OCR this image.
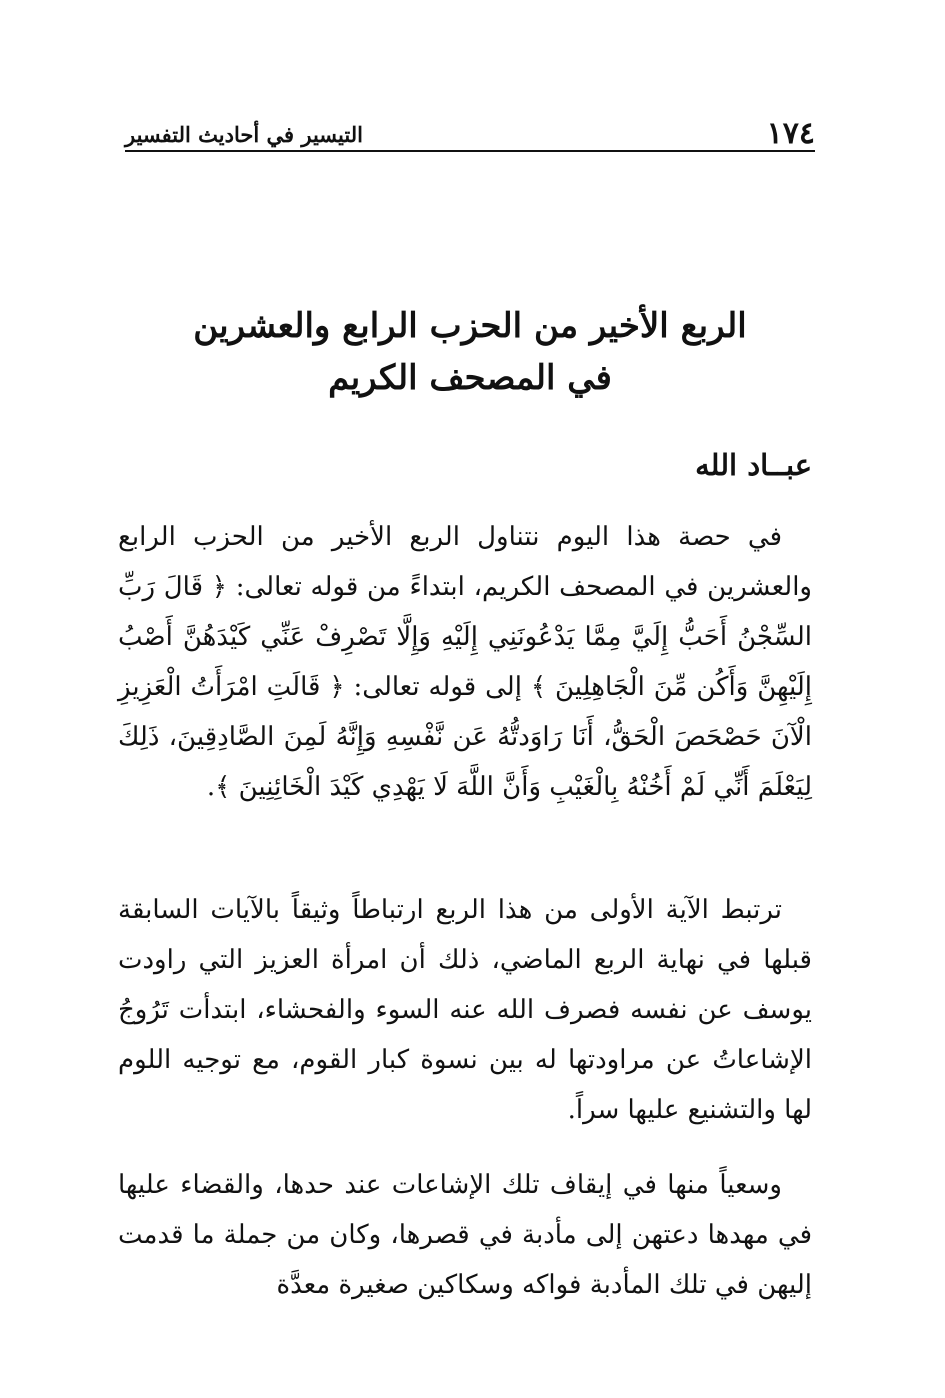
١٧٤
التيسير في أحاديث التفسير
الربع الأخير من الحزب الرابع والعشرين
في المصحف الكريم
عبــاد الله

في حصة هذا اليوم نتناول الربع الأخير من الحزب الرابع والعشرين في المصحف الكريم، ابتداءً من قوله تعالى: ﴿ قَالَ رَبِّ السِّجْنُ أَحَبُّ إِلَيَّ مِمَّا يَدْعُونَنِي إِلَيْهِ وَإِلَّا تَصْرِفْ عَنِّي كَيْدَهُنَّ أَصْبُ إِلَيْهِنَّ وَأَكُن مِّنَ الْجَاهِلِينَ ﴾ إلى قوله تعالى: ﴿ قَالَتِ امْرَأَتُ الْعَزِيزِ الْآنَ حَصْحَصَ الْحَقُّ، أَنَا رَاوَدتُّهُ عَن نَّفْسِهِ وَإِنَّهُ لَمِنَ الصَّادِقِينَ، ذَلِكَ لِيَعْلَمَ أَنِّي لَمْ أَخُنْهُ بِالْغَيْبِ وَأَنَّ اللَّهَ لَا يَهْدِي كَيْدَ الْخَائِنِينَ ﴾.

ترتبط الآية الأولى من هذا الربع ارتباطاً وثيقاً بالآيات السابقة قبلها في نهاية الربع الماضي، ذلك أن امرأة العزيز التي راودت يوسف عن نفسه فصرف الله عنه السوء والفحشاء، ابتدأت تَرُوجُ الإشاعاتُ عن مراودتها له بين نسوة كبار القوم، مع توجيه اللوم لها والتشنيع عليها سراً.

وسعياً منها في إيقاف تلك الإشاعات عند حدها، والقضاء عليها في مهدها دعتهن إلى مأدبة في قصرها، وكان من جملة ما قدمت إليهن في تلك المأدبة فواكه وسكاكين صغيرة معدَّة
